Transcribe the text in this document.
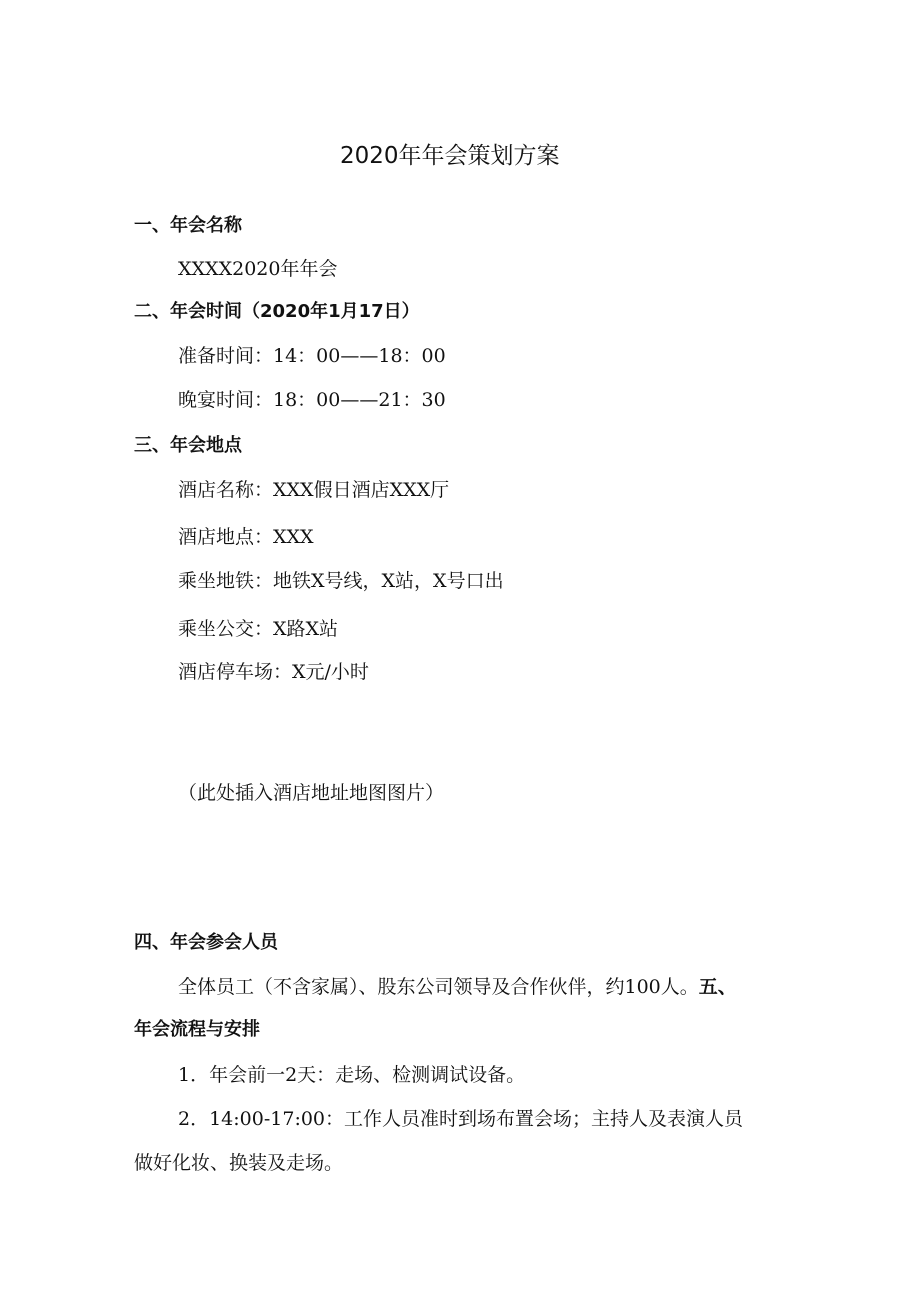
2020年年会策划方案
一、年会名称
XXXX2020年年会
二、年会时间（2020年1月17日）
准备时间：14：00——18：00
晚宴时间：18：00——21：30
三、年会地点
酒店名称：XXX假日酒店XXX厅
酒店地点：XXX
乘坐地铁：地铁X号线，X站，X号口出
乘坐公交：X路X站
酒店停车场：X元/小时
（此处插入酒店地址地图图片）
四、年会参会人员
全体员工（不含家属）、股东公司领导及合作伙伴，约100人。五、
年会流程与安排
1．年会前一2天：走场、检测调试设备。
2．14:00-17:00：工作人员准时到场布置会场；主持人及表演人员
做好化妆、换装及走场。
